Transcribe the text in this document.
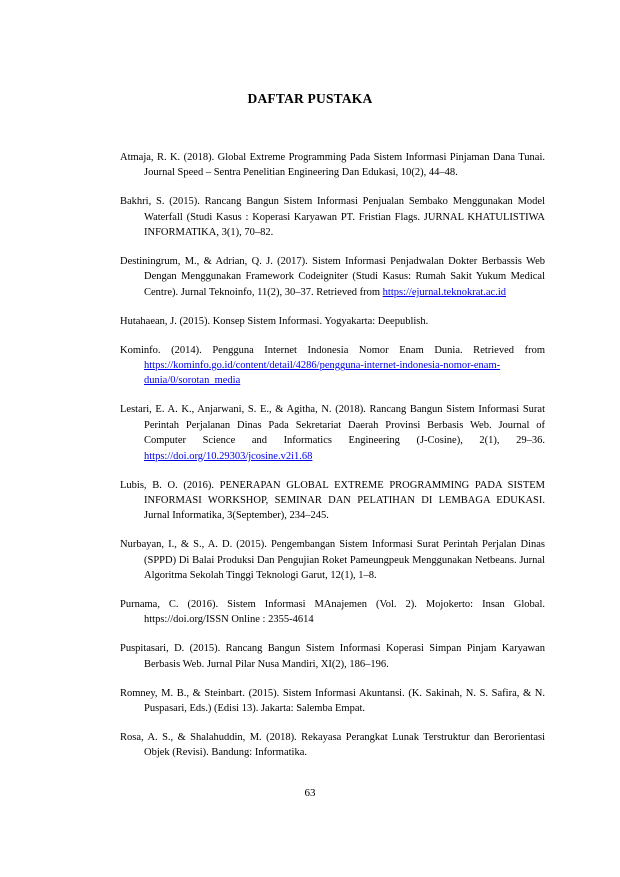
DAFTAR PUSTAKA

Atmaja, R. K. (2018). Global Extreme Programming Pada Sistem Informasi Pinjaman Dana Tunai. Journal Speed – Sentra Penelitian Engineering Dan Edukasi, 10(2), 44–48.

Bakhri, S. (2015). Rancang Bangun Sistem Informasi Penjualan Sembako Menggunakan Model Waterfall (Studi Kasus : Koperasi Karyawan PT. Fristian Flags. JURNAL KHATULISTIWA INFORMATIKA, 3(1), 70–82.

Destiningrum, M., & Adrian, Q. J. (2017). Sistem Informasi Penjadwalan Dokter Berbassis Web Dengan Menggunakan Framework Codeigniter (Studi Kasus: Rumah Sakit Yukum Medical Centre). Jurnal Teknoinfo, 11(2), 30–37. Retrieved from https://ejurnal.teknokrat.ac.id

Hutahaean, J. (2015). Konsep Sistem Informasi. Yogyakarta: Deepublish.

Kominfo. (2014). Pengguna Internet Indonesia Nomor Enam Dunia. Retrieved from https://kominfo.go.id/content/detail/4286/pengguna-internet-indonesia-nomor-enam-dunia/0/sorotan_media

Lestari, E. A. K., Anjarwani, S. E., & Agitha, N. (2018). Rancang Bangun Sistem Informasi Surat Perintah Perjalanan Dinas Pada Sekretariat Daerah Provinsi Berbasis Web. Journal of Computer Science and Informatics Engineering (J-Cosine), 2(1), 29–36. https://doi.org/10.29303/jcosine.v2i1.68

Lubis, B. O. (2016). PENERAPAN GLOBAL EXTREME PROGRAMMING PADA SISTEM INFORMASI WORKSHOP, SEMINAR DAN PELATIHAN DI LEMBAGA EDUKASI. Jurnal Informatika, 3(September), 234–245.

Nurbayan, I., & S., A. D. (2015). Pengembangan Sistem Informasi Surat Perintah Perjalan Dinas (SPPD) Di Balai Produksi Dan Pengujian Roket Pameungpeuk Menggunakan Netbeans. Jurnal Algoritma Sekolah Tinggi Teknologi Garut, 12(1), 1–8.

Purnama, C. (2016). Sistem Informasi MAnajemen (Vol. 2). Mojokerto: Insan Global. https://doi.org/ISSN Online : 2355-4614

Puspitasari, D. (2015). Rancang Bangun Sistem Informasi Koperasi Simpan Pinjam Karyawan Berbasis Web. Jurnal Pilar Nusa Mandiri, XI(2), 186–196.

Romney, M. B., & Steinbart. (2015). Sistem Informasi Akuntansi. (K. Sakinah, N. S. Safira, & N. Puspasari, Eds.) (Edisi 13). Jakarta: Salemba Empat.

Rosa, A. S., & Shalahuddin, M. (2018). Rekayasa Perangkat Lunak Terstruktur dan Berorientasi Objek (Revisi). Bandung: Informatika.

63
